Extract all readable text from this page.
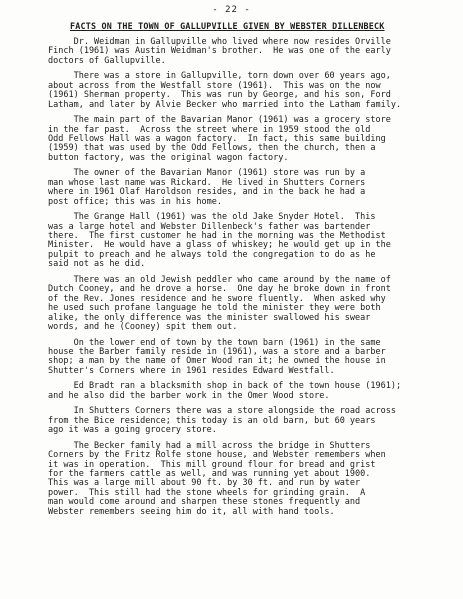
- 22 -
FACTS ON THE TOWN OF GALLUPVILLE GIVEN BY WEBSTER DILLENBECK
Dr. Weidman in Gallupville who lived where now resides Orville
Finch (1961) was Austin Weidman's brother.  He was one of the early
doctors of Gallupville.
There was a store in Gallupville, torn down over 60 years ago,
about across from the Westfall store (1961).  This was on the now
(1961) Sherman property.  This was run by George, and his son, Ford
Latham, and later by Alvie Becker who married into the Latham family.
The main part of the Bavarian Manor (1961) was a grocery store
in the far past.  Across the street where in 1959 stood the old
Odd Fellows Hall was a wagon factory.  In fact, this same building
(1959) that was used by the Odd Fellows, then the church, then a
button factory, was the original wagon factory.
The owner of the Bavarian Manor (1961) store was run by a
man whose last name was Rickard.  He lived in Shutters Corners
where in 1961 Olaf Haroldson resides, and in the back he had a
post office; this was in his home.
The Grange Hall (1961) was the old Jake Snyder Hotel.  This
was a large hotel and Webster Dillenbeck's father was bartender
there.  The first customer he had in the morning was the Methodist
Minister.  He would have a glass of whiskey; he would get up in the
pulpit to preach and he always told the congregation to do as he
said not as he did.
There was an old Jewish peddler who came around by the name of
Dutch Cooney, and he drove a horse.  One day he broke down in front
of the Rev. Jones residence and he swore fluently.  When asked why
he used such profane language he told the minister they were both
alike, the only difference was the minister swallowed his swear
words, and he (Cooney) spit them out.
On the lower end of town by the town barn (1961) in the same
house the Barber family reside in (1961), was a store and a barber
shop; a man by the name of Omer Wood ran it; he owned the house in
Shutter's Corners where in 1961 resides Edward Westfall.
Ed Bradt ran a blacksmith shop in back of the town house (1961);
and he also did the barber work in the Omer Wood store.
In Shutters Corners there was a store alongside the road across
from the Bice residence; this today is an old barn, but 60 years
ago it was a going grocery store.
The Becker family had a mill across the bridge in Shutters
Corners by the Fritz Rolfe stone house, and Webster remembers when
it was in operation.  This mill ground flour for bread and grist
for the farmers cattle as well, and was running yet about 1900.
This was a large mill about 90 ft. by 30 ft. and run by water
power.  This still had the stone wheels for grinding grain.  A
man would come around and sharpen these stones frequently and
Webster remembers seeing him do it, all with hand tools.
